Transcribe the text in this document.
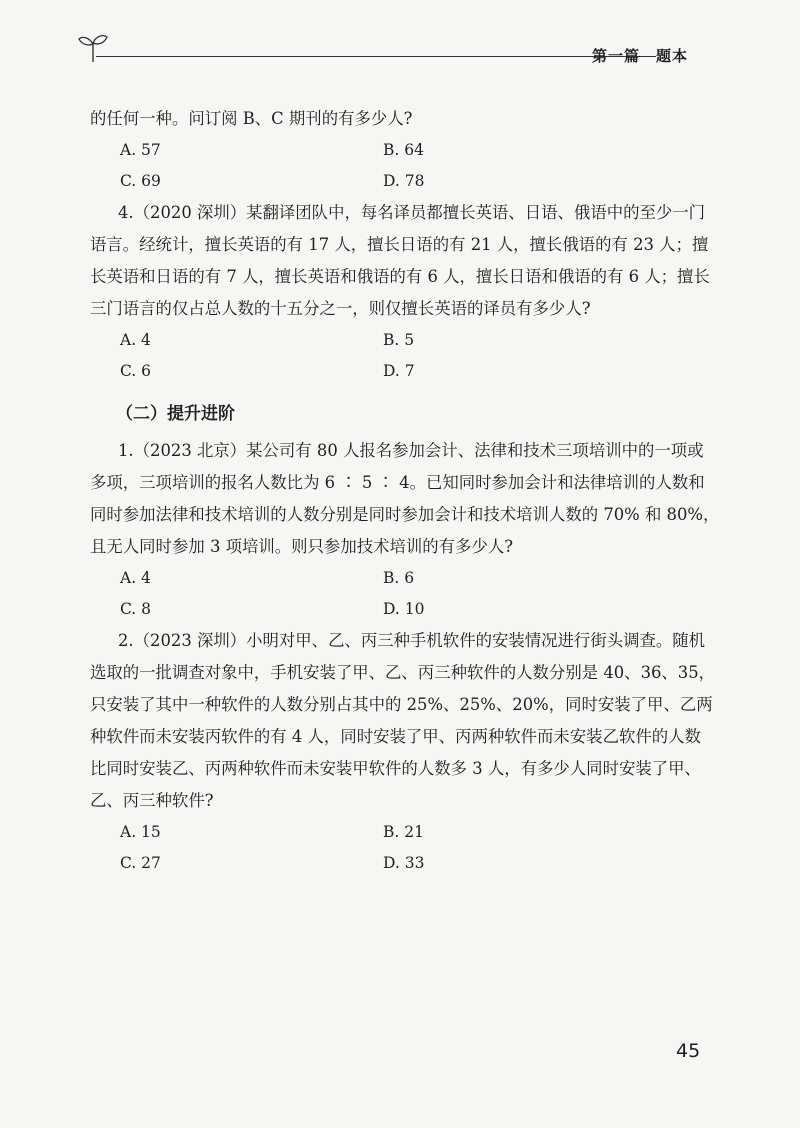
第一篇　题本

的任何一种。问订阅 B、C 期刊的有多少人?

A. 57	B. 64
C. 69	D. 78

4.（2020 深圳）某翻译团队中，每名译员都擅长英语、日语、俄语中的至少一门

语言。经统计，擅长英语的有 17 人，擅长日语的有 21 人，擅长俄语的有 23 人；擅

长英语和日语的有 7 人，擅长英语和俄语的有 6 人，擅长日语和俄语的有 6 人；擅长

三门语言的仅占总人数的十五分之一，则仅擅长英语的译员有多少人?

A. 4	B. 5
C. 6	D. 7
（二）提升进阶

1.（2023 北京）某公司有 80 人报名参加会计、法律和技术三项培训中的一项或

多项，三项培训的报名人数比为 6 ∶ 5 ∶ 4。已知同时参加会计和法律培训的人数和

同时参加法律和技术培训的人数分别是同时参加会计和技术培训人数的 70% 和 80%，

且无人同时参加 3 项培训。则只参加技术培训的有多少人?

A. 4	B. 6
C. 8	D. 10

2.（2023 深圳）小明对甲、乙、丙三种手机软件的安装情况进行街头调查。随机

选取的一批调查对象中，手机安装了甲、乙、丙三种软件的人数分别是 40、36、35，

只安装了其中一种软件的人数分别占其中的 25%、25%、20%，同时安装了甲、乙两

种软件而未安装丙软件的有 4 人，同时安装了甲、丙两种软件而未安装乙软件的人数

比同时安装乙、丙两种软件而未安装甲软件的人数多 3 人，有多少人同时安装了甲、

乙、丙三种软件?

A. 15	B. 21
C. 27	D. 33
45
